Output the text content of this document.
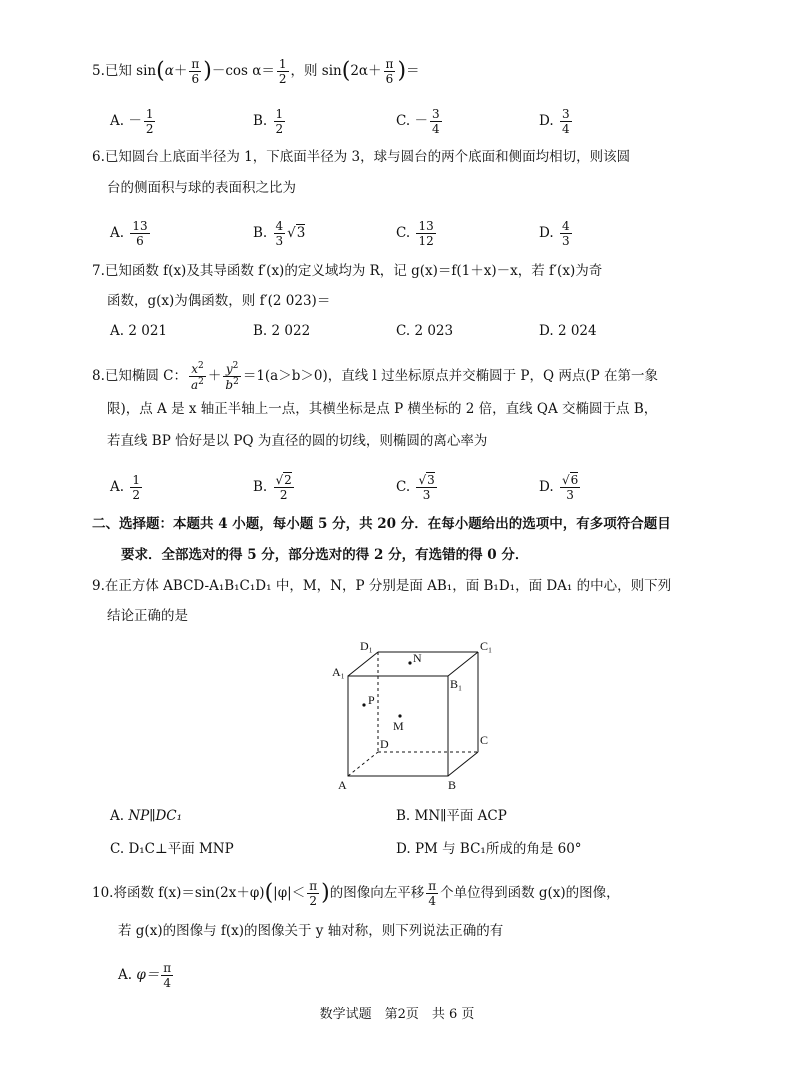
5.已知 $\sin(\alpha+ \frac{\pi}{6} )-\cos$ $\alpha= \frac{1}{2}$ ，则 $\sin(2\alpha+ \frac{\pi}{6}$ )＝
A. － $\frac{1}{2}$	B. $\frac{1}{2}$	C. － $\frac{3}{4}$	D. $\frac{3}{4}$
6.已知圆台上底面半径为 1，下底面半径为 3，球与圆台的两个底面和侧面均相切，则该圆
台的侧面积与球的表面积之比为
A. $\frac{13}{6}$	B. $\frac{4}{3} √3$	C. $\frac{13}{12}$	D. $\frac{4}{3}$
7.已知函数 f(x)及其导函数 f′(x)的定义域均为 R，记 g(x)＝f(1＋x)－x，若 f′(x)为奇
函数，g(x)为偶函数，则 f′(2 023)＝
A. 2 021	B. 2 022	C. 2 023	D. 2 024
8.已知椭圆 C： $\frac{x^2}{a^2} + \frac{y^2}{b^2} =1(a>b>0)$，直线 l 过坐标原点并交椭圆于 P，Q 两点(P 在第一象
限)，点 A 是 x 轴正半轴上一点，其横坐标是点 P 横坐标的 2 倍，直线 QA 交椭圆于点 B，
若直线 BP 恰好是以 PQ 为直径的圆的切线，则椭圆的离心率为
A. $\frac{1}{2}$	B. $\frac{√2}{2}$	C. $\frac{√3}{3}$	D. $\frac{√6}{3}$
二、选择题：本题共 4 小题，每小题 5 分，共 20 分．在每小题给出的选项中，有多项符合题目
要求．全部选对的得 5 分，部分选对的得 2 分，有选错的得 0 分．
9.在正方体 ABCD-A₁B₁C₁D₁ 中，M，N，P 分别是面 AB₁，面 B₁D₁，面 DA₁ 的中心，则下列
结论正确的是
D₁	C₁
A₁
B₁
N
P
M
D	C
A	B
A. NP∥DC₁	B. MN∥平面 ACP
C. D₁C⊥平面 MNP	D. PM 与 BC₁所成的角是 60°
10.将函数 $f(x)=\sin(2x+\varphi)(|\varphi|< \frac{\pi}{2}$ )的图像向左平移 $\frac{\pi}{4}$ 个单位得到函数 g(x)的图像，
若 g(x)的图像与 f(x)的图像关于 y 轴对称，则下列说法正确的有
A. $\varphi= \frac{\pi}{4}$
数学试题　第2页　共 6 页
